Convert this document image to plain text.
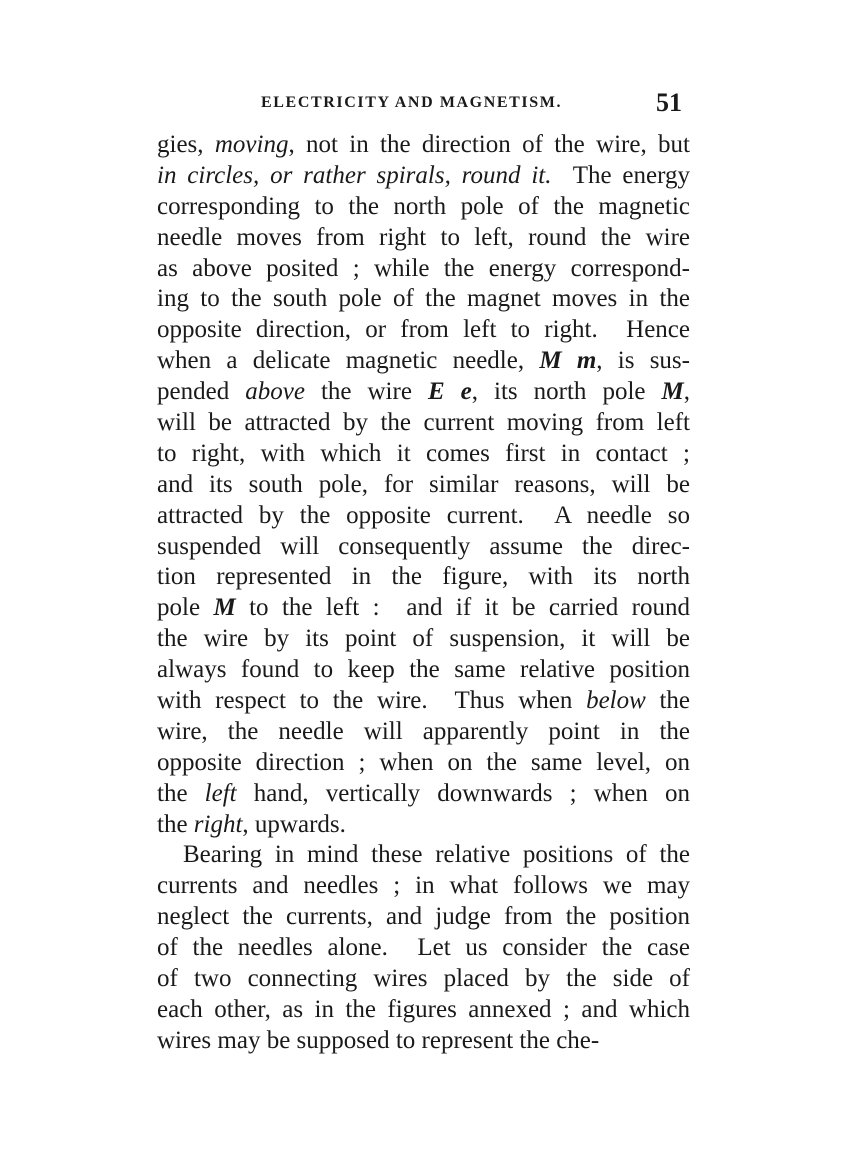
ELECTRICITY AND MAGNETISM.	51
gies, moving, not in the direction of the wire, but
in circles, or rather spirals, round it.  The energy
corresponding to the north pole of the magnetic
needle moves from right to left, round the wire
as above posited ; while the energy correspond-
ing to the south pole of the magnet moves in the
opposite direction, or from left to right.  Hence
when a delicate magnetic needle, M m, is sus-
pended above the wire E e, its north pole M,
will be attracted by the current moving from left
to right, with which it comes first in contact ;
and its south pole, for similar reasons, will be
attracted by the opposite current.  A needle so
suspended will consequently assume the direc-
tion represented in the figure, with its north
pole M to the left :  and if it be carried round
the wire by its point of suspension, it will be
always found to keep the same relative position
with respect to the wire.  Thus when below the
wire, the needle will apparently point in the
opposite direction ; when on the same level, on
the left hand, vertically downwards ; when on
the right, upwards.
Bearing in mind these relative positions of the
currents and needles ; in what follows we may
neglect the currents, and judge from the position
of the needles alone.  Let us consider the case
of two connecting wires placed by the side of
each other, as in the figures annexed ; and which
wires may be supposed to represent the che-
